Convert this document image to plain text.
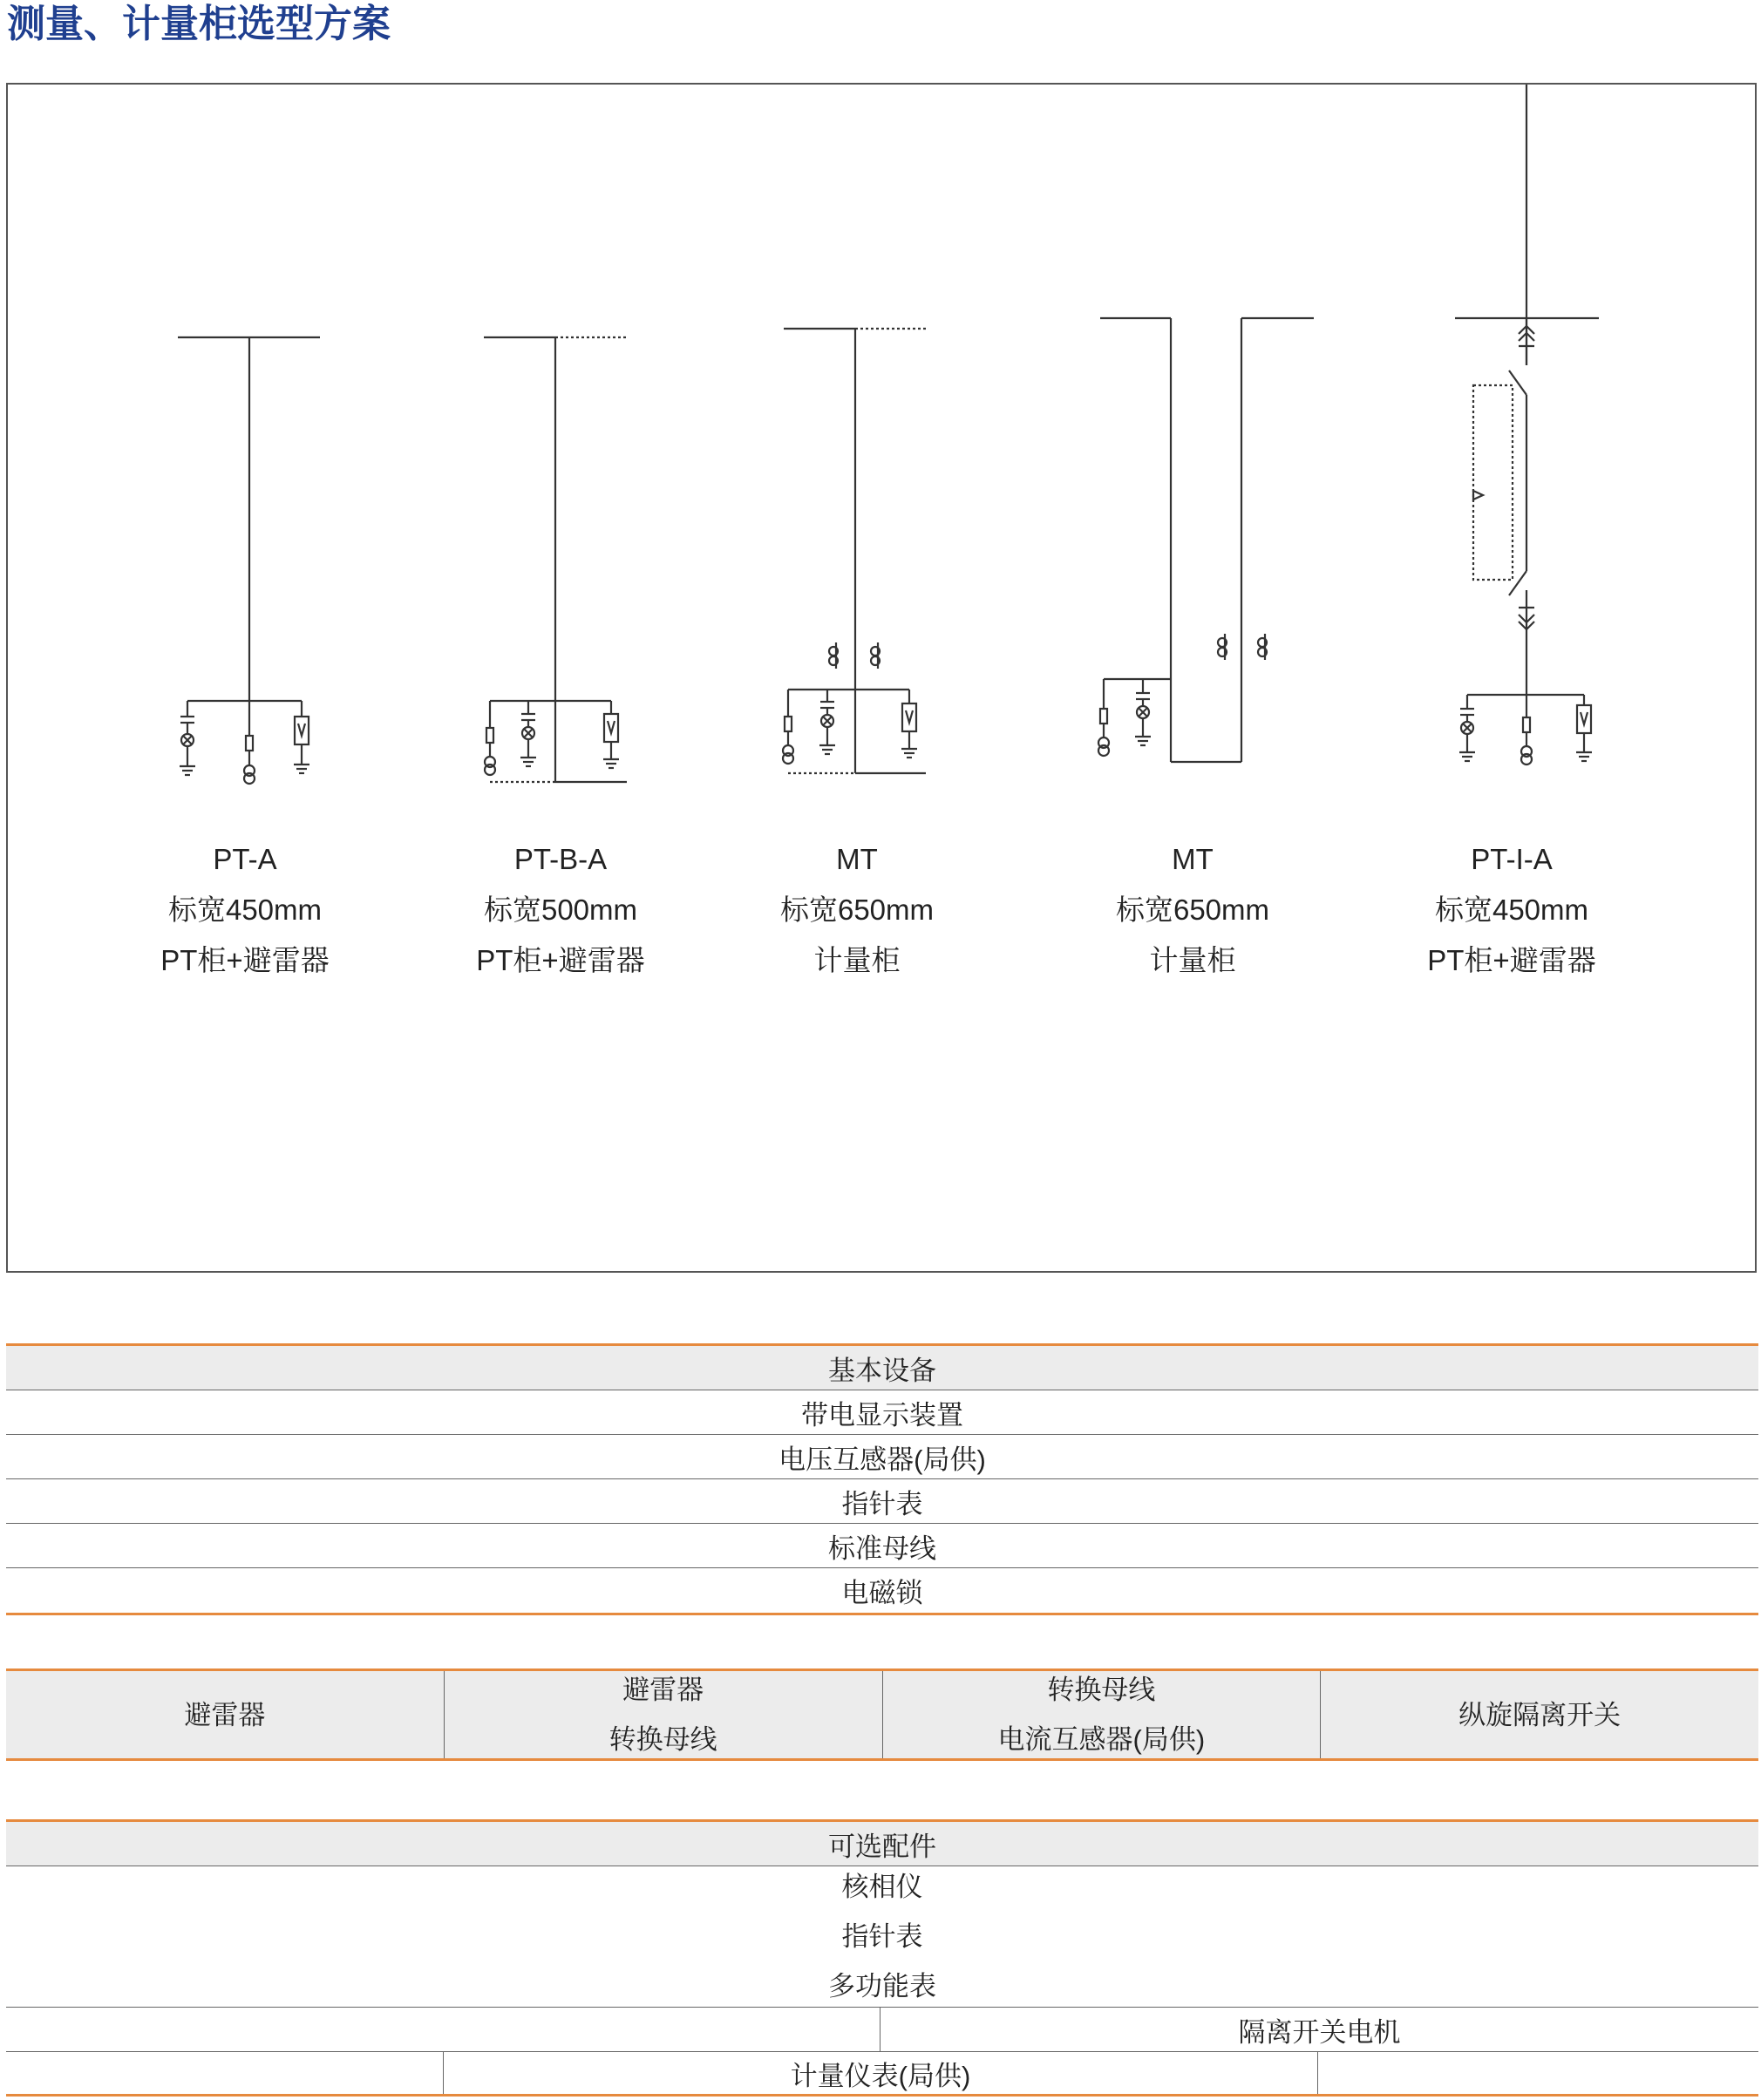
测量、计量柜选型方案
PT-A
标宽450mm
PT柜+避雷器
PT-B-A
标宽500mm
PT柜+避雷器
MT
标宽650mm
计量柜
MT
标宽650mm
计量柜
PT-I-A
标宽450mm
PT柜+避雷器
基本设备
带电显示装置
电压互感器(局供)
指针表
标准母线
电磁锁
避雷器
避雷器
转换母线
转换母线
电流互感器(局供)
纵旋隔离开关
可选配件
核相仪
指针表
多功能表
隔离开关电机
计量仪表(局供)
